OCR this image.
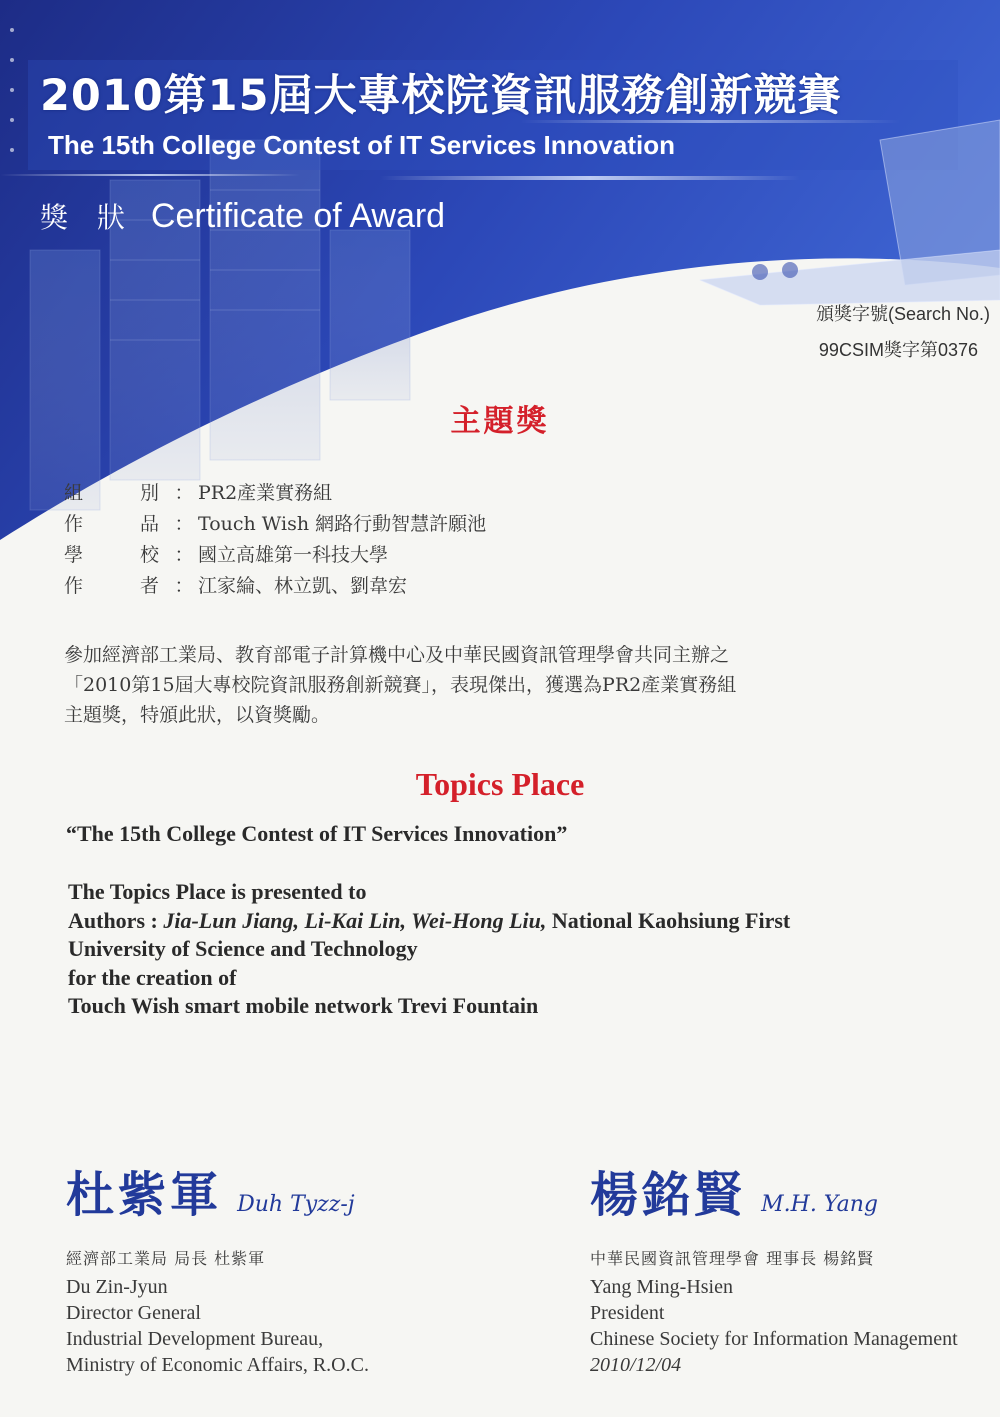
2010第15屆大專校院資訊服務創新競賽
The 15th College Contest of IT Services Innovation
獎 狀 Certificate of Award
頒獎字號(Search No.)
99CSIM獎字第0376
主題獎
組	別 ： PR2產業實務組
作	品 ： Touch Wish 網路行動智慧許願池
學	校 ： 國立高雄第一科技大學
作	者 ： 江家綸、林立凱、劉韋宏

參加經濟部工業局、教育部電子計算機中心及中華民國資訊管理學會共同主辦之
「2010第15屆大專校院資訊服務創新競賽」，表現傑出，獲選為PR2產業實務組
主題獎，特頒此狀，以資獎勵。

Topics Place
“The 15th College Contest of IT Services Innovation”
The Topics Place is presented to
Authors : Jia-Lun Jiang, Li-Kai Lin, Wei-Hong Liu, National Kaohsiung First
University of Science and Technology
for the creation of
Touch Wish smart mobile network Trevi Fountain
杜紫軍 Duh Tyzz-j
經濟部工業局 局長 杜紫軍
Du Zin-Jyun
Director General
Industrial Development Bureau,
Ministry of Economic Affairs, R.O.C.
楊銘賢 M.H. Yang
中華民國資訊管理學會 理事長 楊銘賢
Yang Ming-Hsien
President
Chinese Society for Information Management
2010/12/04
